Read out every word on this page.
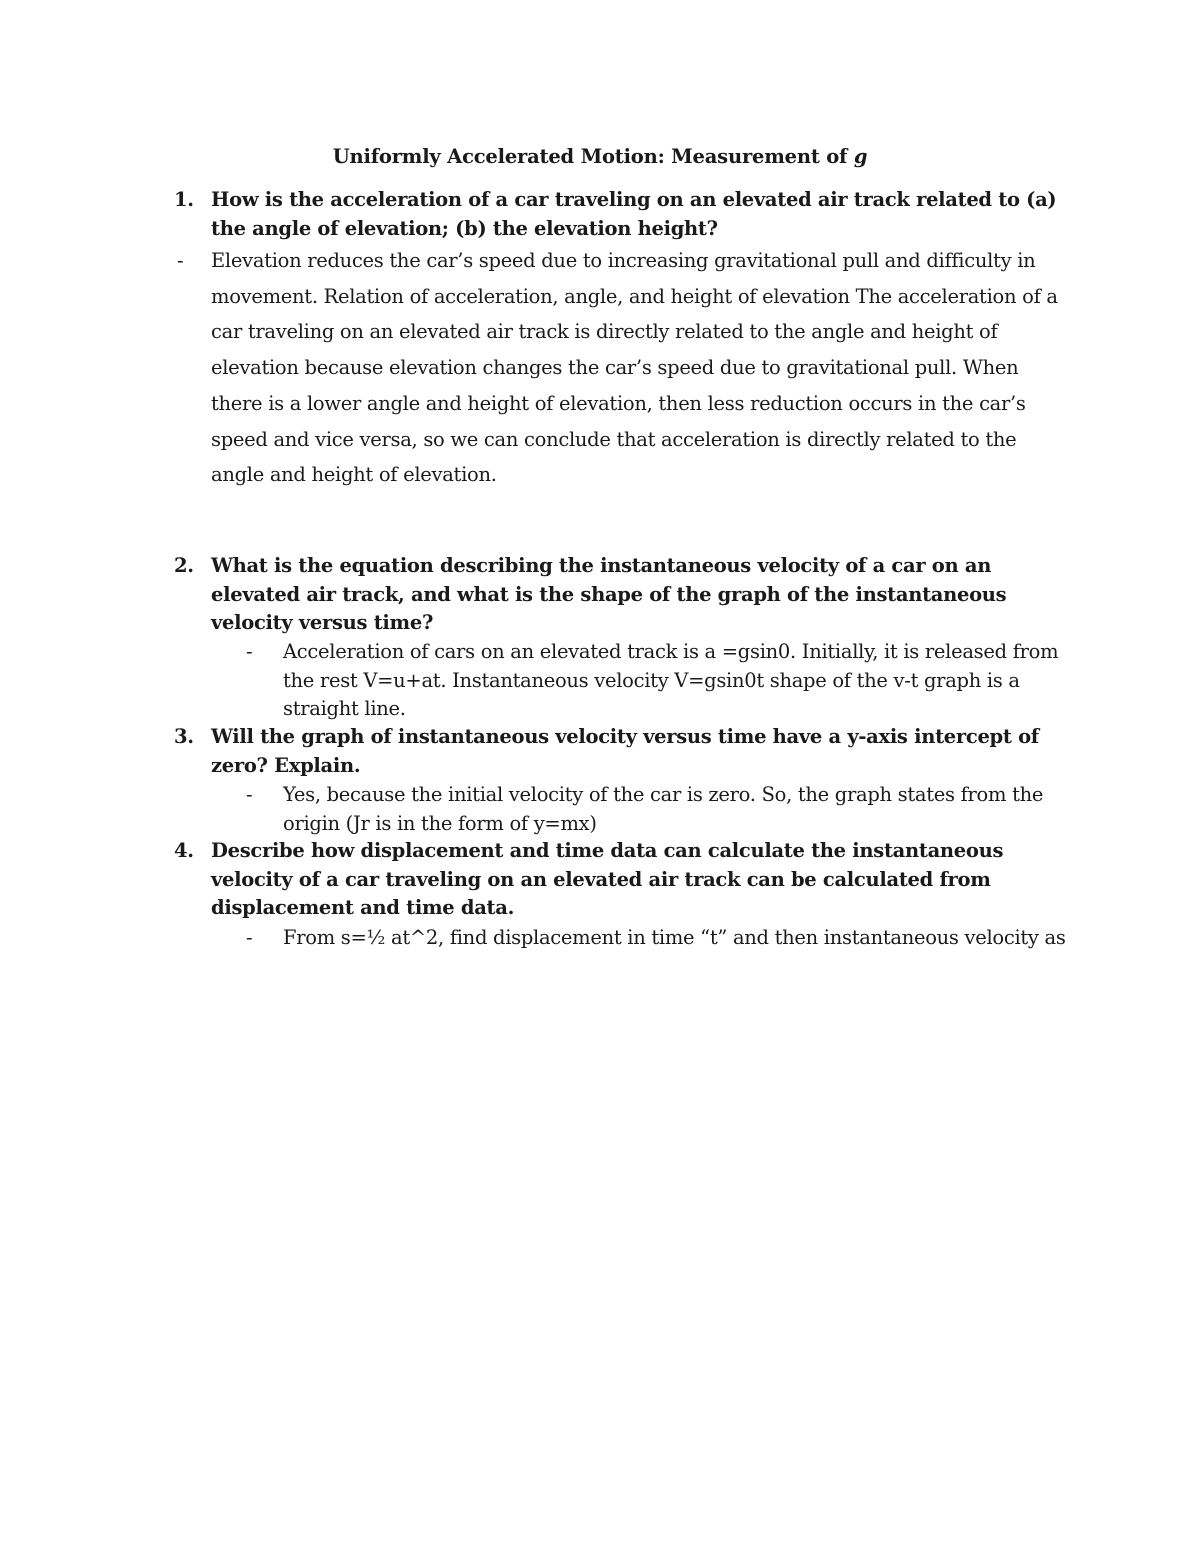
Uniformly Accelerated Motion: Measurement of g
1. How is the acceleration of a car traveling on an elevated air track related to (a) the angle of elevation; (b) the elevation height?
- Elevation reduces the car’s speed due to increasing gravitational pull and difficulty in movement. Relation of acceleration, angle, and height of elevation The acceleration of a car traveling on an elevated air track is directly related to the angle and height of elevation because elevation changes the car’s speed due to gravitational pull. When there is a lower angle and height of elevation, then less reduction occurs in the car’s speed and vice versa, so we can conclude that acceleration is directly related to the angle and height of elevation.
2. What is the equation describing the instantaneous velocity of a car on an elevated air track, and what is the shape of the graph of the instantaneous velocity versus time?
- Acceleration of cars on an elevated track is a =gsin0. Initially, it is released from the rest V=u+at. Instantaneous velocity V=gsin0t shape of the v-t graph is a straight line.
3. Will the graph of instantaneous velocity versus time have a y-axis intercept of zero? Explain.
- Yes, because the initial velocity of the car is zero. So, the graph states from the origin (Jr is in the form of y=mx)
4. Describe how displacement and time data can calculate the instantaneous velocity of a car traveling on an elevated air track can be calculated from displacement and time data.
- From s=½ at^2, find displacement in time “t” and then instantaneous velocity as
